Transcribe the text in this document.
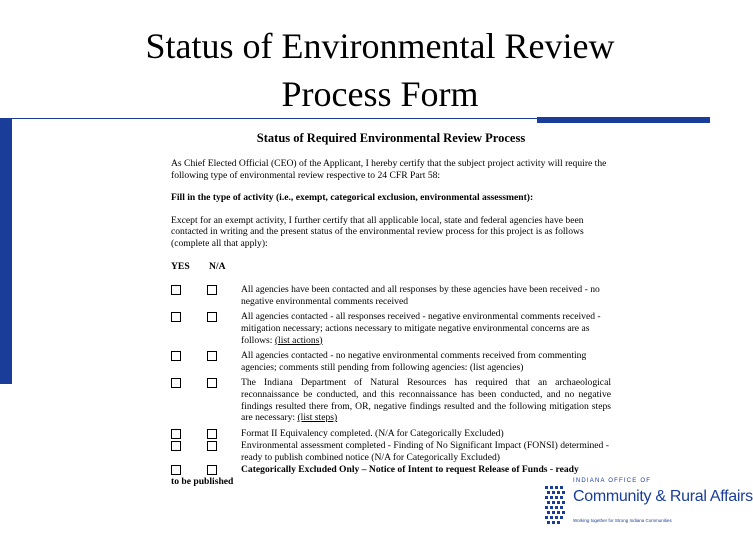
Status of Environmental Review
Process Form
Status of Required Environmental Review Process

As Chief Elected Official (CEO) of the Applicant, I hereby certify that the subject project activity will require the following type of environmental review respective to 24 CFR Part 58:

Fill in the type of activity (i.e., exempt, categorical exclusion, environmental assessment):

Except for an exempt activity, I further certify that all applicable local, state and federal agencies have been contacted in writing and the present status of the environmental review process for this project is as follows (complete all that apply):

YES N/A
All agencies have been contacted and all responses by these agencies have been received - no negative environmental comments received
All agencies contacted - all responses received - negative environmental comments received - mitigation necessary; actions necessary to mitigate negative environmental concerns are as follows: (list actions)
All agencies contacted - no negative environmental comments received from commenting agencies; comments still pending from following agencies: (list agencies)
The Indiana Department of Natural Resources has required that an archaeological reconnaissance be conducted, and this reconnaissance has been conducted, and no negative findings resulted there from, OR, negative findings resulted and the following mitigation steps are necessary: (list steps)
Format II Equivalency completed. (N/A for Categorically Excluded)
Environmental assessment completed - Finding of No Significant Impact (FONSI) determined - ready to publish combined notice (N/A for Categorically Excluded)
Categorically Excluded Only – Notice of Intent to request Release of Funds - ready
to be published	INDIANA OFFICE OF
Community & Rural Affairs
Working together for Strong Indiana Communities
